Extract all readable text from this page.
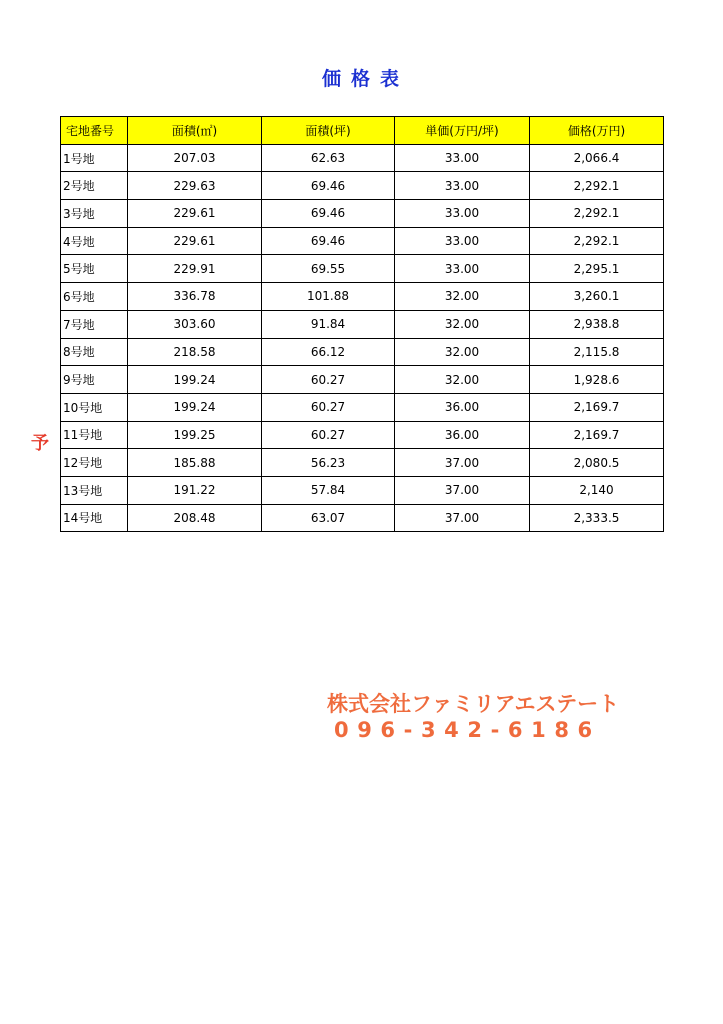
価格表
宅地番号	面積(㎡)	面積(坪)	単価(万円/坪)	価格(万円)
1号地	207.03	62.63	33.00	2,066.4
2号地	229.63	69.46	33.00	2,292.1
3号地	229.61	69.46	33.00	2,292.1
4号地	229.61	69.46	33.00	2,292.1
5号地	229.91	69.55	33.00	2,295.1
6号地	336.78	101.88	32.00	3,260.1
7号地	303.60	91.84	32.00	2,938.8
8号地	218.58	66.12	32.00	2,115.8
9号地	199.24	60.27	32.00	1,928.6
10号地	199.24	60.27	36.00	2,169.7
11号地	199.25	60.27	36.00	2,169.7
12号地	185.88	56.23	37.00	2,080.5
13号地	191.22	57.84	37.00	2,140
14号地	208.48	63.07	37.00	2,333.5
予
株式会社ファミリアエステート
096-342-6186
